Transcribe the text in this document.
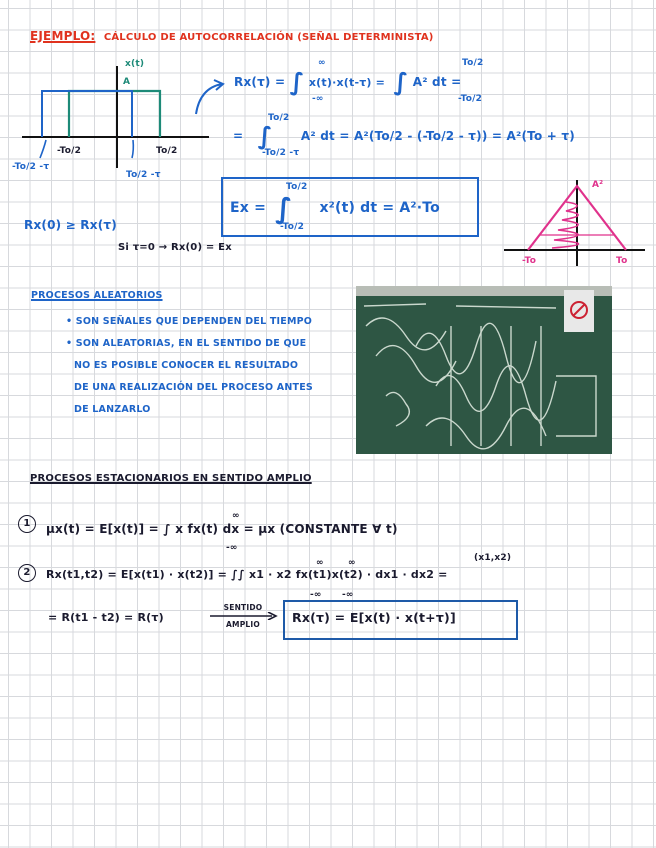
EJEMPLO: CÁLCULO DE AUTOCORRELACIÓN (SEÑAL DETERMINISTA)
x(t)
A
-To/2	To/2
-To/2 -τ
To/2 -τ
Rx(τ) = ∫ x(t)·x(t-τ) = ∫ A² dt =
∞
-∞
To/2
-To/2
= ∫ A² dt = A²(To/2 - (-To/2 - τ)) = A²(To + τ)
To/2
-To/2 -τ
Ex = ∫ x²(t) dt = A²·To
To/2
-To/2
Rx(0) ≥ Rx(τ)
Si τ=0 → Rx(0) = Ex
A²
-To	To
PROCESOS ALEATORIOS
• SON SEÑALES QUE DEPENDEN DEL TIEMPO
• SON ALEATORIAS, EN EL SENTIDO DE QUE
NO ES POSIBLE CONOCER EL RESULTADO
DE UNA REALIZACIÓN DEL PROCESO ANTES
DE LANZARLO
PROCESOS ESTACIONARIOS EN SENTIDO AMPLIO
1	μx(t) = E[x(t)] = ∫ x fx(t) dx = μx (CONSTANTE ∀ t)
∞
-∞
2	Rx(t1,t2) = E[x(t1) · x(t2)] = ∫∫ x1 · x2 fx(t1)x(t2) · dx1 · dx2 =
(x1,x2)
∞
-∞
∞
-∞
= R(t1 - t2) = R(τ)
SENTIDO
AMPLIO	Rx(τ) = E[x(t) · x(t+τ)]
